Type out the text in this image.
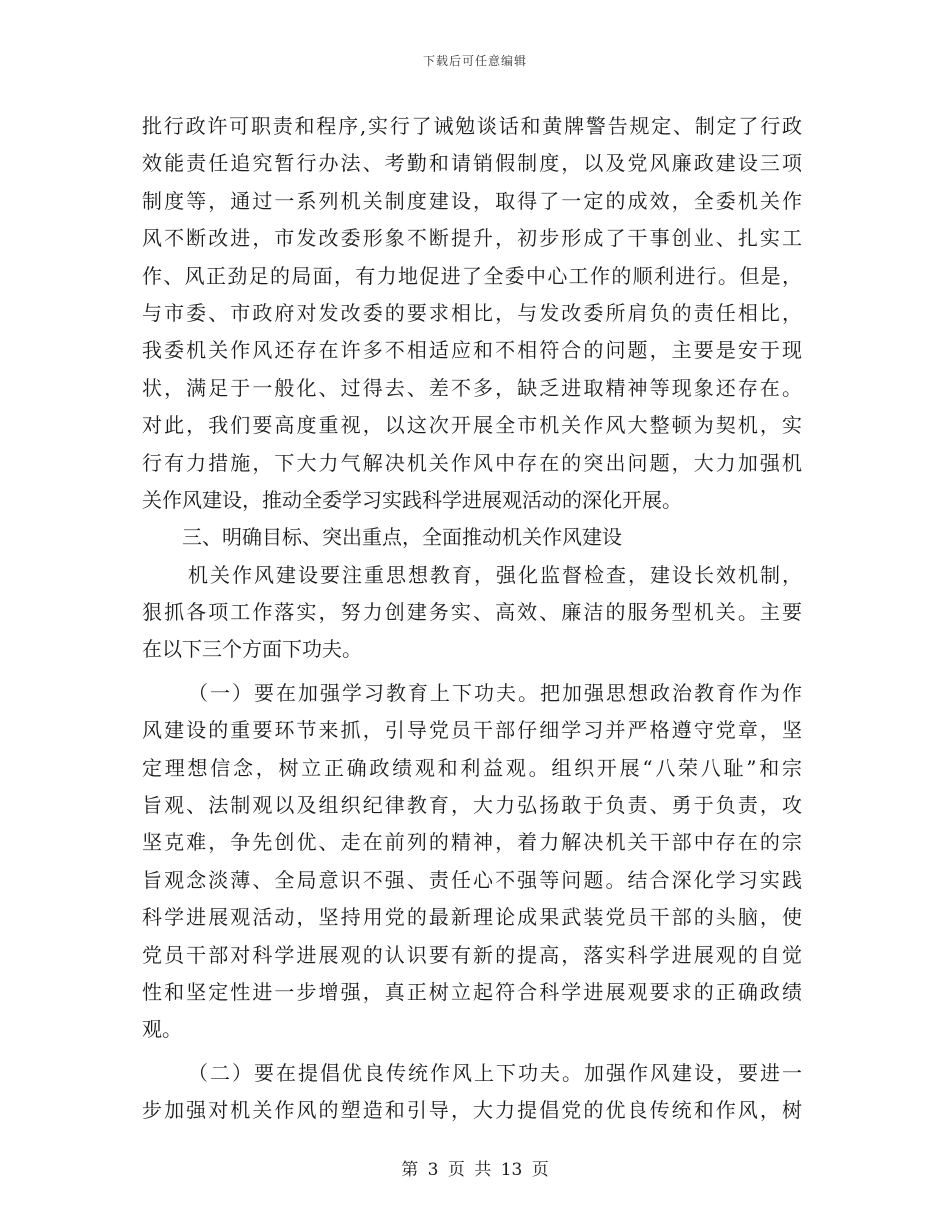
下载后可任意编辑
批行政许可职责和程序,实行了诫勉谈话和黄牌警告规定、制定了行政
效能责任追究暂行办法、考勤和请销假制度，以及党风廉政建设三项
制度等，通过一系列机关制度建设，取得了一定的成效，全委机关作
风不断改进，市发改委形象不断提升，初步形成了干事创业、扎实工
作、风正劲足的局面，有力地促进了全委中心工作的顺利进行。但是，
与市委、市政府对发改委的要求相比，与发改委所肩负的责任相比，
我委机关作风还存在许多不相适应和不相符合的问题，主要是安于现
状，满足于一般化、过得去、差不多，缺乏进取精神等现象还存在。
对此，我们要高度重视，以这次开展全市机关作风大整顿为契机，实
行有力措施，下大力气解决机关作风中存在的突出问题，大力加强机
关作风建设，推动全委学习实践科学进展观活动的深化开展。
三、明确目标、突出重点，全面推动机关作风建设
机关作风建设要注重思想教育，强化监督检查，建设长效机制，
狠抓各项工作落实，努力创建务实、高效、廉洁的服务型机关。主要
在以下三个方面下功夫。
（一）要在加强学习教育上下功夫。把加强思想政治教育作为作
风建设的重要环节来抓，引导党员干部仔细学习并严格遵守党章，坚
定理想信念，树立正确政绩观和利益观。组织开展“八荣八耻”和宗
旨观、法制观以及组织纪律教育，大力弘扬敢于负责、勇于负责，攻
坚克难，争先创优、走在前列的精神，着力解决机关干部中存在的宗
旨观念淡薄、全局意识不强、责任心不强等问题。结合深化学习实践
科学进展观活动，坚持用党的最新理论成果武装党员干部的头脑，使
党员干部对科学进展观的认识要有新的提高，落实科学进展观的自觉
性和坚定性进一步增强，真正树立起符合科学进展观要求的正确政绩
观。
（二）要在提倡优良传统作风上下功夫。加强作风建设，要进一
步加强对机关作风的塑造和引导，大力提倡党的优良传统和作风，树
第 3 页 共 13 页
